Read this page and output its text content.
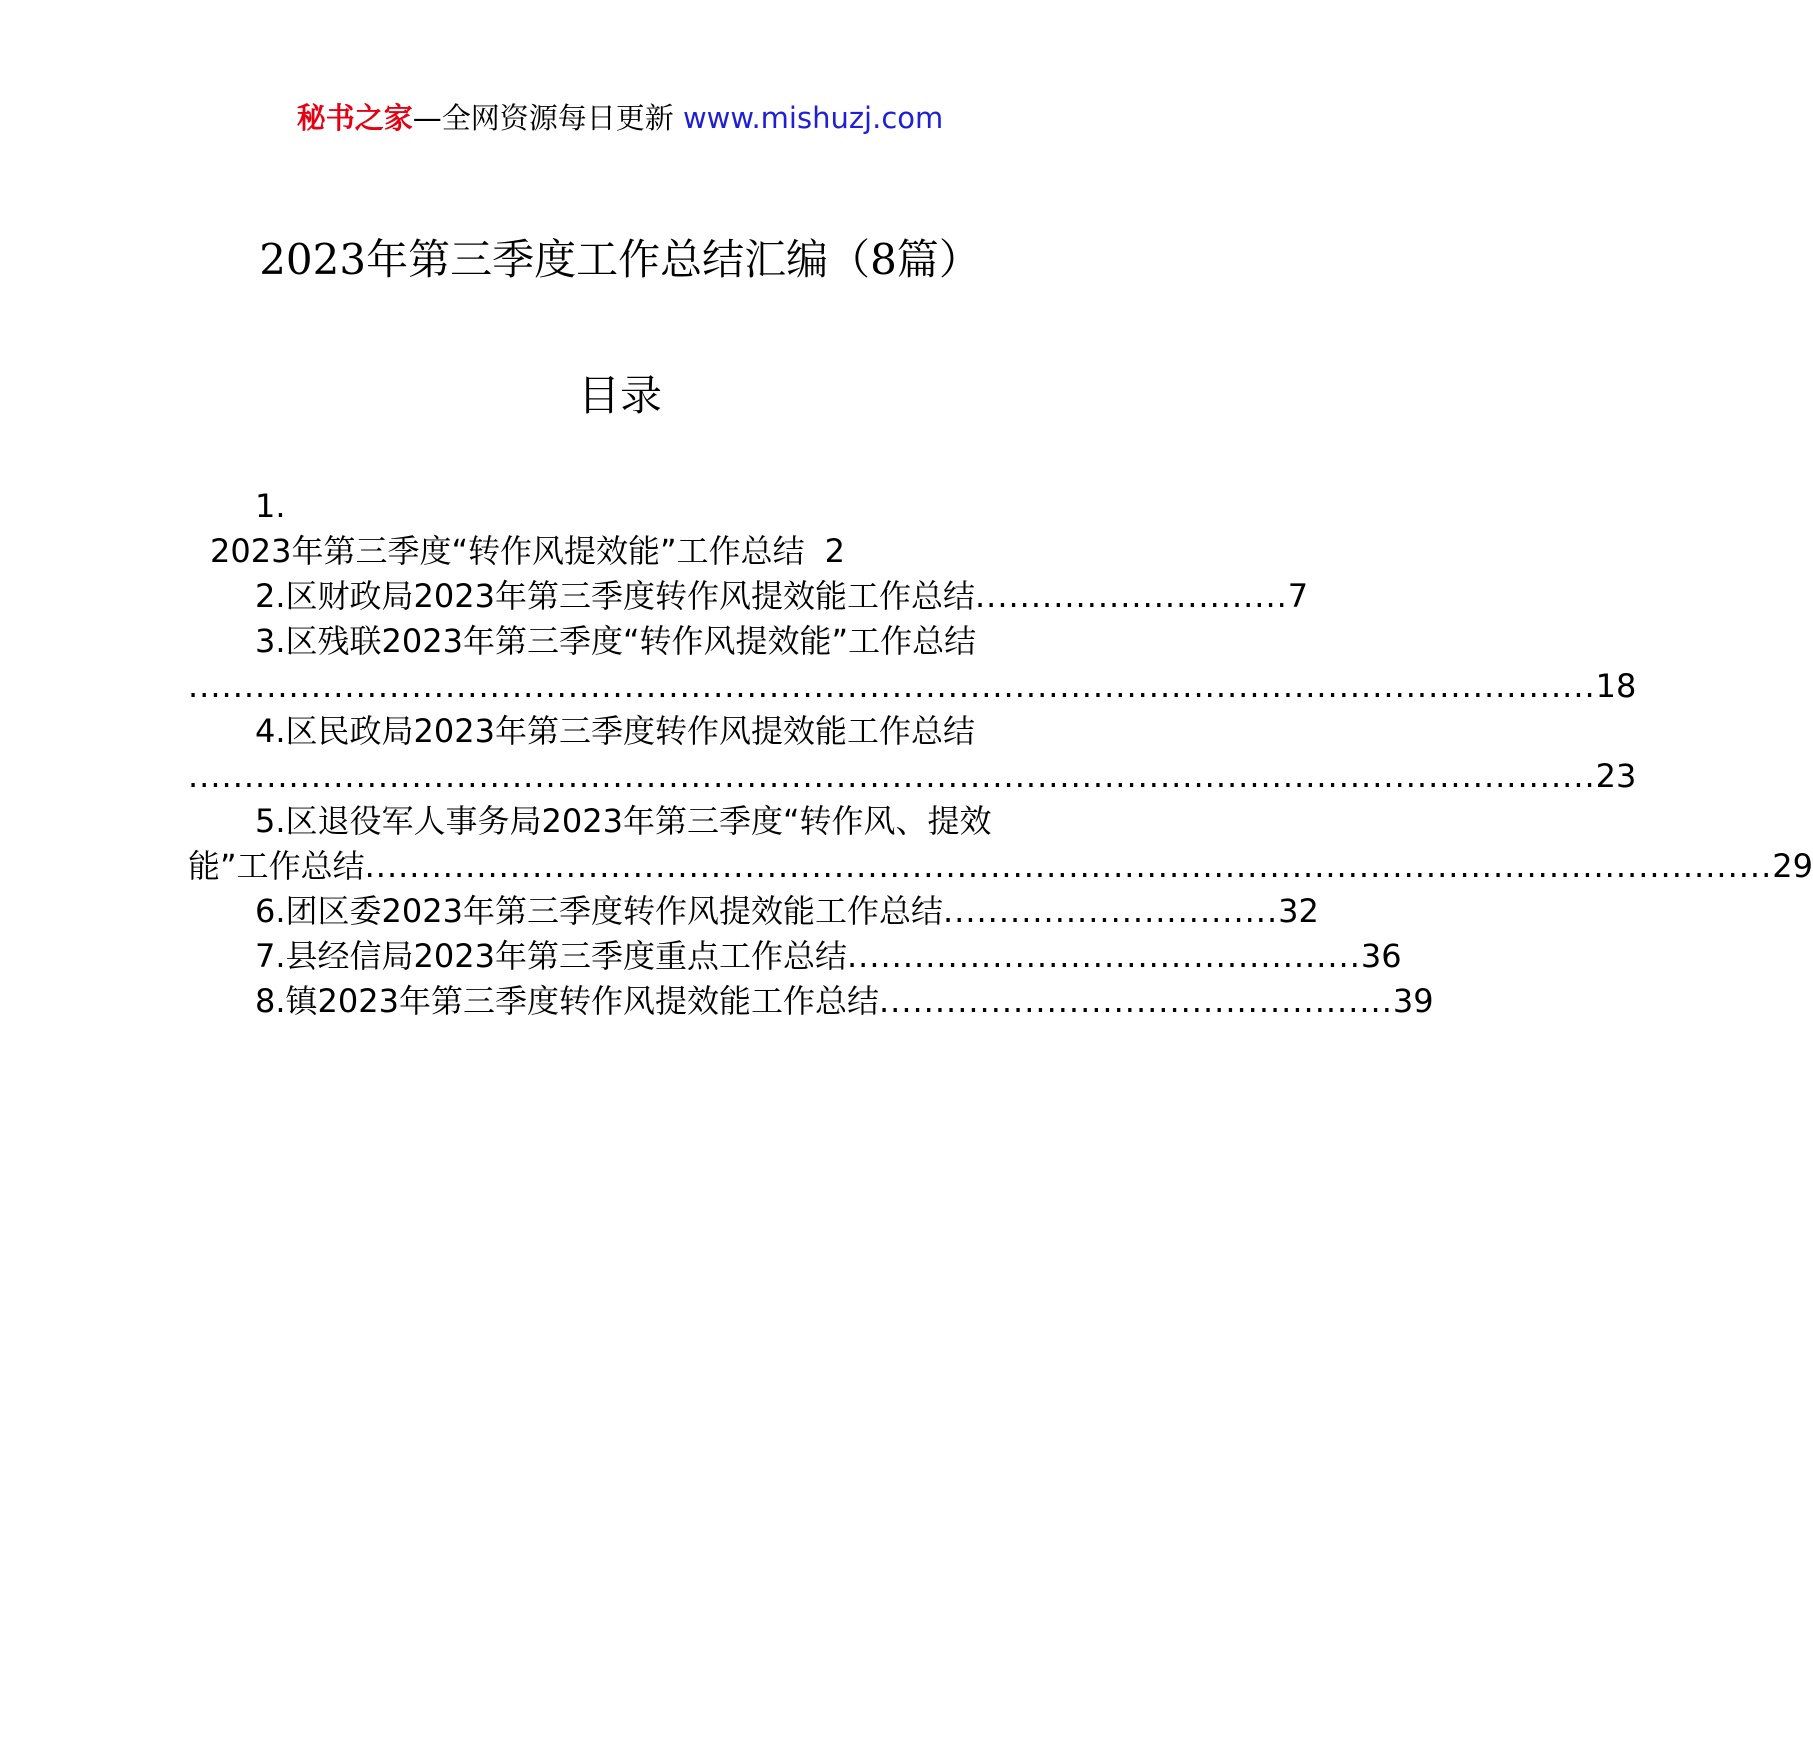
秘书之家—全网资源每日更新 www.mishuzj.com
2023年第三季度工作总结汇编（8篇）
目录
1.
2023年第三季度“转作风提效能”工作总结 2
2. 区财政局2023年第三季度转作风提效能工作总结 ............................ 7
3. 区残联2023年第三季度“转作风提效能”工作总结
.............................................................................................................................. 18
4. 区民政局2023年第三季度转作风提效能工作总结
.............................................................................................................................. 23
5. 区退役军人事务局2023年第三季度“转作风、提效
能”工作总结 .............................................................................................................................. 29
6. 团区委2023年第三季度转作风提效能工作总结 .............................. 32
7. 县经信局2023年第三季度重点工作总结 .............................................. 36
8. 镇2023年第三季度转作风提效能工作总结 .............................................. 39
